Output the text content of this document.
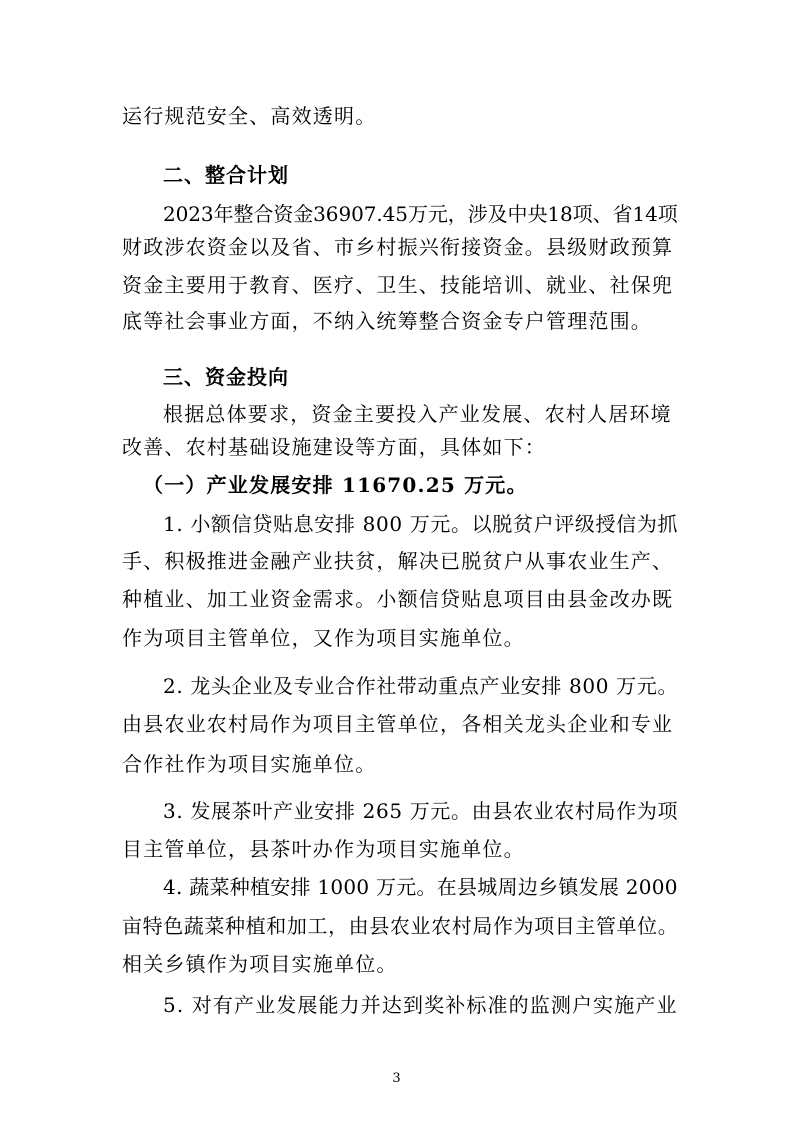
运行规范安全、高效透明。
二、整合计划
2023年整合资金36907.45万元，涉及中央18项、省14项
财政涉农资金以及省、市乡村振兴衔接资金。县级财政预算
资金主要用于教育、医疗、卫生、技能培训、就业、社保兜
底等社会事业方面，不纳入统筹整合资金专户管理范围。
三、资金投向
根据总体要求，资金主要投入产业发展、农村人居环境
改善、农村基础设施建设等方面，具体如下：
（一）产业发展安排 11670.25 万元。
1. 小额信贷贴息安排 800 万元。以脱贫户评级授信为抓
手、积极推进金融产业扶贫，解决已脱贫户从事农业生产、
种植业、加工业资金需求。小额信贷贴息项目由县金改办既
作为项目主管单位，又作为项目实施单位。
2. 龙头企业及专业合作社带动重点产业安排 800 万元。
由县农业农村局作为项目主管单位，各相关龙头企业和专业
合作社作为项目实施单位。
3. 发展茶叶产业安排 265 万元。由县农业农村局作为项
目主管单位，县茶叶办作为项目实施单位。
4. 蔬菜种植安排 1000 万元。在县城周边乡镇发展 2000
亩特色蔬菜种植和加工，由县农业农村局作为项目主管单位。
相关乡镇作为项目实施单位。
5. 对有产业发展能力并达到奖补标准的监测户实施产业
3
